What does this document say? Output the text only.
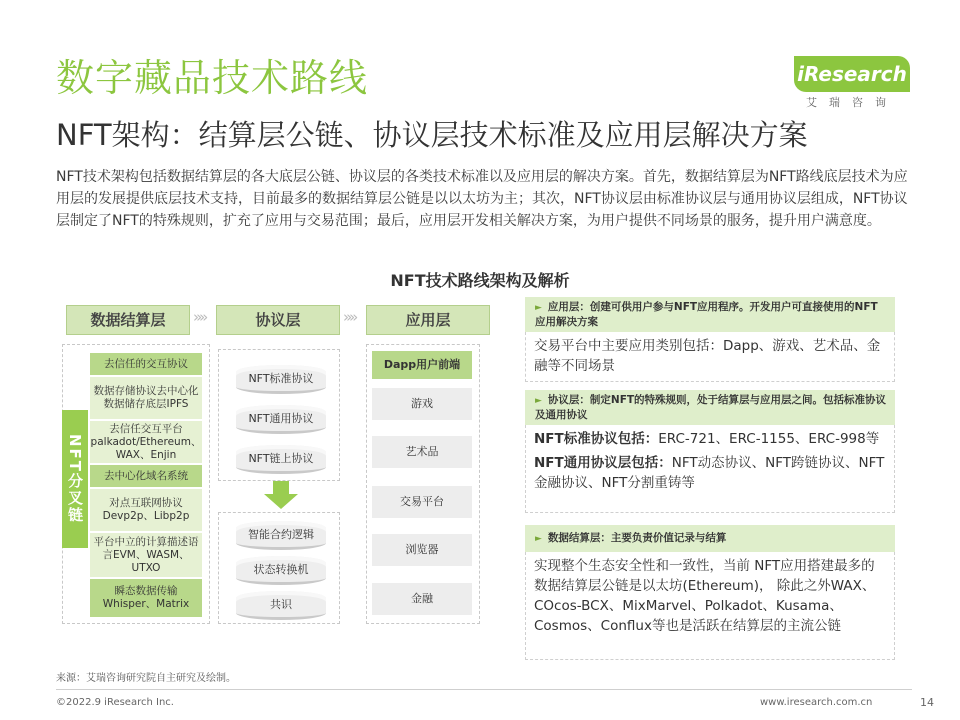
数字藏品技术路线
NFT架构：结算层公链、协议层技术标准及应用层解决方案
NFT技术架构包括数据结算层的各大底层公链、协议层的各类技术标准以及应用层的解决方案。首先，数据结算层为NFT路线底层技术为应用层的发展提供底层技术支持，目前最多的数据结算层公链是以以太坊为主；其次，NFT协议层由标准协议层与通用协议层组成，NFT协议层制定了NFT的特殊规则，扩充了应用与交易范围；最后，应用层开发相关解决方案，为用户提供不同场景的服务，提升用户满意度。
iResearch
艾瑞咨询
NFT技术路线架构及解析
数据结算层	»»	协议层	»»	应用层
NFT分叉链
去信任的交互协议
数据存储协议去中心化数据储存底层IPFS
去信任交互平台palkadot/Ethereum、WAX、Enjin
去中心化域名系统
对点互联网协议Devp2p、Libp2p
平台中立的计算描述语言EVM、WASM、UTXO
瞬态数据传输Whisper、Matrix
NFT标准协议
NFT通用协议
NFT链上协议
智能合约逻辑
状态转换机
共识
Dapp用户前端
游戏
艺术品
交易平台
浏览器
金融
► 应用层：创建可供用户参与NFT应用程序。开发用户可直接使用的NFT应用解决方案
交易平台中主要应用类别包括：Dapp、游戏、艺术品、金融等不同场景
► 协议层：制定NFT的特殊规则，处于结算层与应用层之间。包括标准协议及通用协议
NFT标准协议包括：ERC-721、ERC-1155、ERC-998等
NFT通用协议层包括：NFT动态协议、NFT跨链协议、NFT金融协议、NFT分割重铸等
► 数据结算层：主要负责价值记录与结算
实现整个生态安全性和一致性，当前 NFT应用搭建最多的数据结算层公链是以太坊(Ethereum)， 除此之外WAX、COcos-BCX、MixMarvel、Polkadot、Kusama、Cosmos、Conflux等也是活跃在结算层的主流公链
来源：艾瑞咨询研究院自主研究及绘制。
©2022.9 iResearch Inc.	www.iresearch.com.cn	14
